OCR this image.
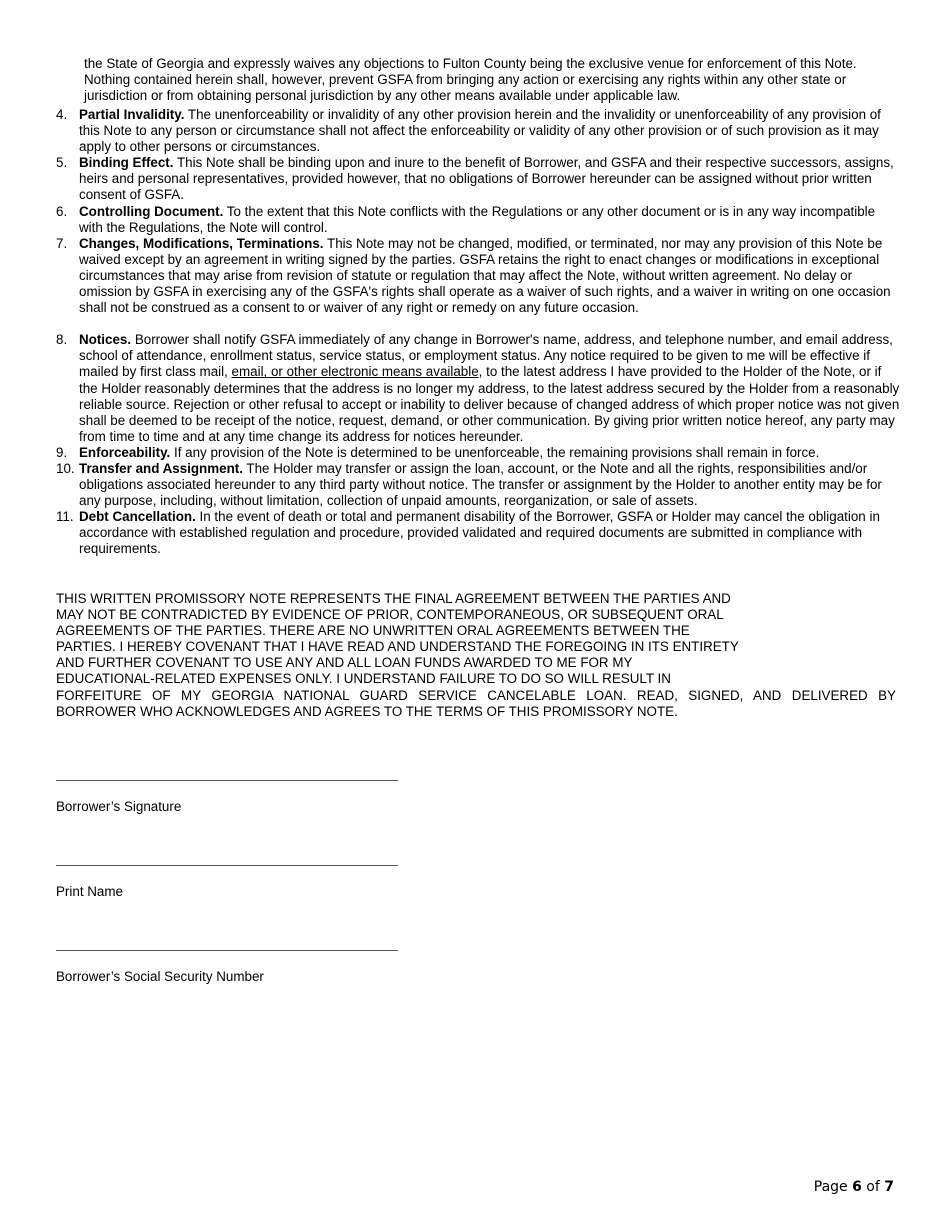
the State of Georgia and expressly waives any objections to Fulton County being the exclusive venue for enforcement of this Note. Nothing contained herein shall, however, prevent GSFA from bringing any action or exercising any rights within any other state or jurisdiction or from obtaining personal jurisdiction by any other means available under applicable law.
4. Partial Invalidity. The unenforceability or invalidity of any other provision herein and the invalidity or unenforceability of any provision of this Note to any person or circumstance shall not affect the enforceability or validity of any other provision or of such provision as it may apply to other persons or circumstances.
5. Binding Effect. This Note shall be binding upon and inure to the benefit of Borrower, and GSFA and their respective successors, assigns, heirs and personal representatives, provided however, that no obligations of Borrower hereunder can be assigned without prior written consent of GSFA.
6. Controlling Document. To the extent that this Note conflicts with the Regulations or any other document or is in any way incompatible with the Regulations, the Note will control.
7. Changes, Modifications, Terminations. This Note may not be changed, modified, or terminated, nor may any provision of this Note be waived except by an agreement in writing signed by the parties. GSFA retains the right to enact changes or modifications in exceptional circumstances that may arise from revision of statute or regulation that may affect the Note, without written agreement. No delay or omission by GSFA in exercising any of the GSFA's rights shall operate as a waiver of such rights, and a waiver in writing on one occasion shall not be construed as a consent to or waiver of any right or remedy on any future occasion.
8. Notices. Borrower shall notify GSFA immediately of any change in Borrower's name, address, and telephone number, and email address, school of attendance, enrollment status, service status, or employment status. Any notice required to be given to me will be effective if mailed by first class mail, email, or other electronic means available, to the latest address I have provided to the Holder of the Note, or if the Holder reasonably determines that the address is no longer my address, to the latest address secured by the Holder from a reasonably reliable source. Rejection or other refusal to accept or inability to deliver because of changed address of which proper notice was not given shall be deemed to be receipt of the notice, request, demand, or other communication. By giving prior written notice hereof, any party may from time to time and at any time change its address for notices hereunder.
9. Enforceability. If any provision of the Note is determined to be unenforceable, the remaining provisions shall remain in force.
10. Transfer and Assignment. The Holder may transfer or assign the loan, account, or the Note and all the rights, responsibilities and/or obligations associated hereunder to any third party without notice. The transfer or assignment by the Holder to another entity may be for any purpose, including, without limitation, collection of unpaid amounts, reorganization, or sale of assets.
11. Debt Cancellation. In the event of death or total and permanent disability of the Borrower, GSFA or Holder may cancel the obligation in accordance with established regulation and procedure, provided validated and required documents are submitted in compliance with requirements.
THIS WRITTEN PROMISSORY NOTE REPRESENTS THE FINAL AGREEMENT BETWEEN THE PARTIES AND
MAY NOT BE CONTRADICTED BY EVIDENCE OF PRIOR, CONTEMPORANEOUS, OR SUBSEQUENT ORAL
AGREEMENTS OF THE PARTIES. THERE ARE NO UNWRITTEN ORAL AGREEMENTS BETWEEN THE
PARTIES. I HEREBY COVENANT THAT I HAVE READ AND UNDERSTAND THE FOREGOING IN ITS ENTIRETY
AND FURTHER COVENANT TO USE ANY AND ALL LOAN FUNDS AWARDED TO ME FOR MY
EDUCATIONAL-RELATED EXPENSES ONLY. I UNDERSTAND FAILURE TO DO SO WILL RESULT IN
FORFEITURE OF MY GEORGIA NATIONAL GUARD SERVICE CANCELABLE LOAN. READ, SIGNED, AND DELIVERED BY
BORROWER WHO ACKNOWLEDGES AND AGREES TO THE TERMS OF THIS PROMISSORY NOTE.
Borrower’s Signature
Print Name
Borrower’s Social Security Number
Page 6 of 7
